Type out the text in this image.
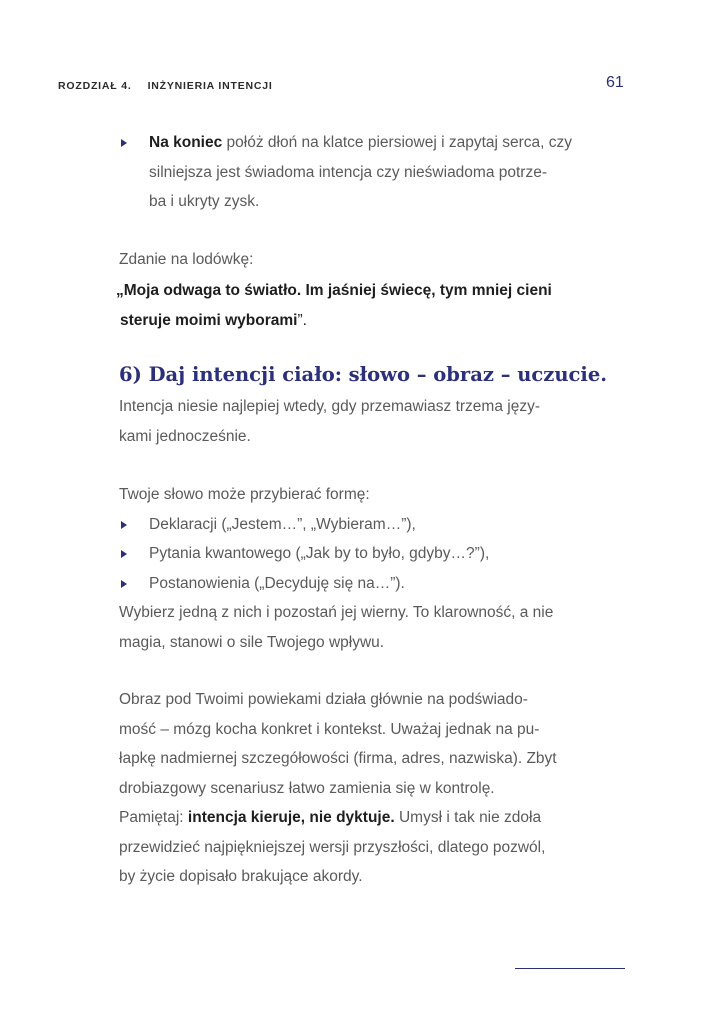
ROZDZIAŁ 4. INŻYNIERIA INTENCJI	61
Na koniec połóż dłoń na klatce piersiowej i zapytaj serca, czy
silniejsza jest świadoma intencja czy nieświadoma potrze-
ba i ukryty zysk.
Zdanie na lodówkę:
„Moja odwaga to światło. Im jaśniej świecę, tym mniej cieni
steruje moimi wyborami”.
6) Daj intencji ciało: słowo – obraz – uczucie.
Intencja niesie najlepiej wtedy, gdy przemawiasz trzema języ-
kami jednocześnie.
Twoje słowo może przybierać formę:
Deklaracji („Jestem…”, „Wybieram…”),
Pytania kwantowego („Jak by to było, gdyby…?”),
Postanowienia („Decyduję się na…”).
Wybierz jedną z nich i pozostań jej wierny. To klarowność, a nie
magia, stanowi o sile Twojego wpływu.
Obraz pod Twoimi powiekami działa głównie na podświado-
mość – mózg kocha konkret i kontekst. Uważaj jednak na pu-
łapkę nadmiernej szczegółowości (firma, adres, nazwiska). Zbyt
drobiazgowy scenariusz łatwo zamienia się w kontrolę.
Pamiętaj: intencja kieruje, nie dyktuje. Umysł i tak nie zdoła
przewidzieć najpiękniejszej wersji przyszłości, dlatego pozwól,
by życie dopisało brakujące akordy.
